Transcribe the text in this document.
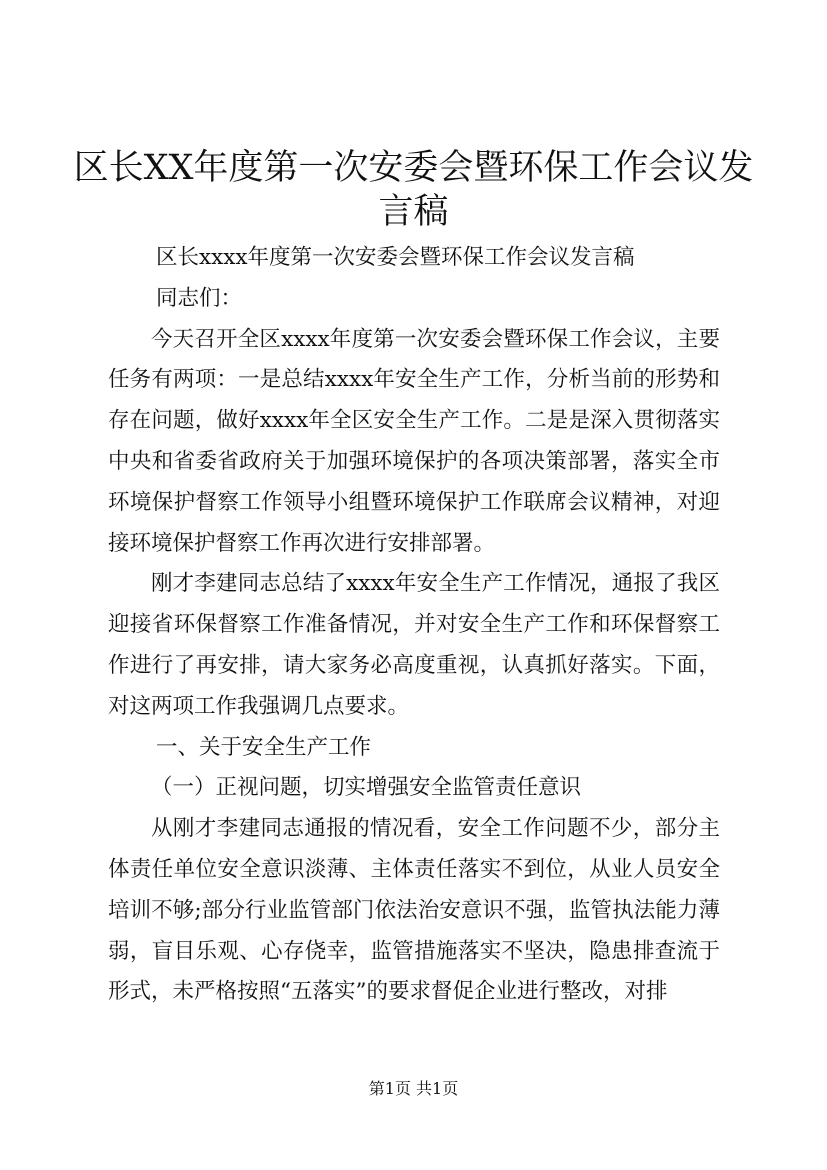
区长XX年度第一次安委会暨环保工作会议发言稿

区长xxxx年度第一次安委会暨环保工作会议发言稿

同志们：

今天召开全区xxxx年度第一次安委会暨环保工作会议，主要任务有两项：一是总结xxxx年安全生产工作，分析当前的形势和存在问题，做好xxxx年全区安全生产工作。二是是深入贯彻落实中央和省委省政府关于加强环境保护的各项决策部署，落实全市环境保护督察工作领导小组暨环境保护工作联席会议精神，对迎接环境保护督察工作再次进行安排部署。

刚才李建同志总结了xxxx年安全生产工作情况，通报了我区迎接省环保督察工作准备情况，并对安全生产工作和环保督察工作进行了再安排，请大家务必高度重视，认真抓好落实。下面，对这两项工作我强调几点要求。

一、关于安全生产工作

（一）正视问题，切实增强安全监管责任意识

从刚才李建同志通报的情况看，安全工作问题不少，部分主体责任单位安全意识淡薄、主体责任落实不到位，从业人员安全培训不够;部分行业监管部门依法治安意识不强，监管执法能力薄弱，盲目乐观、心存侥幸，监管措施落实不坚决，隐患排查流于形式，未严格按照“五落实”的要求督促企业进行整改，对排

第1页 共1页
